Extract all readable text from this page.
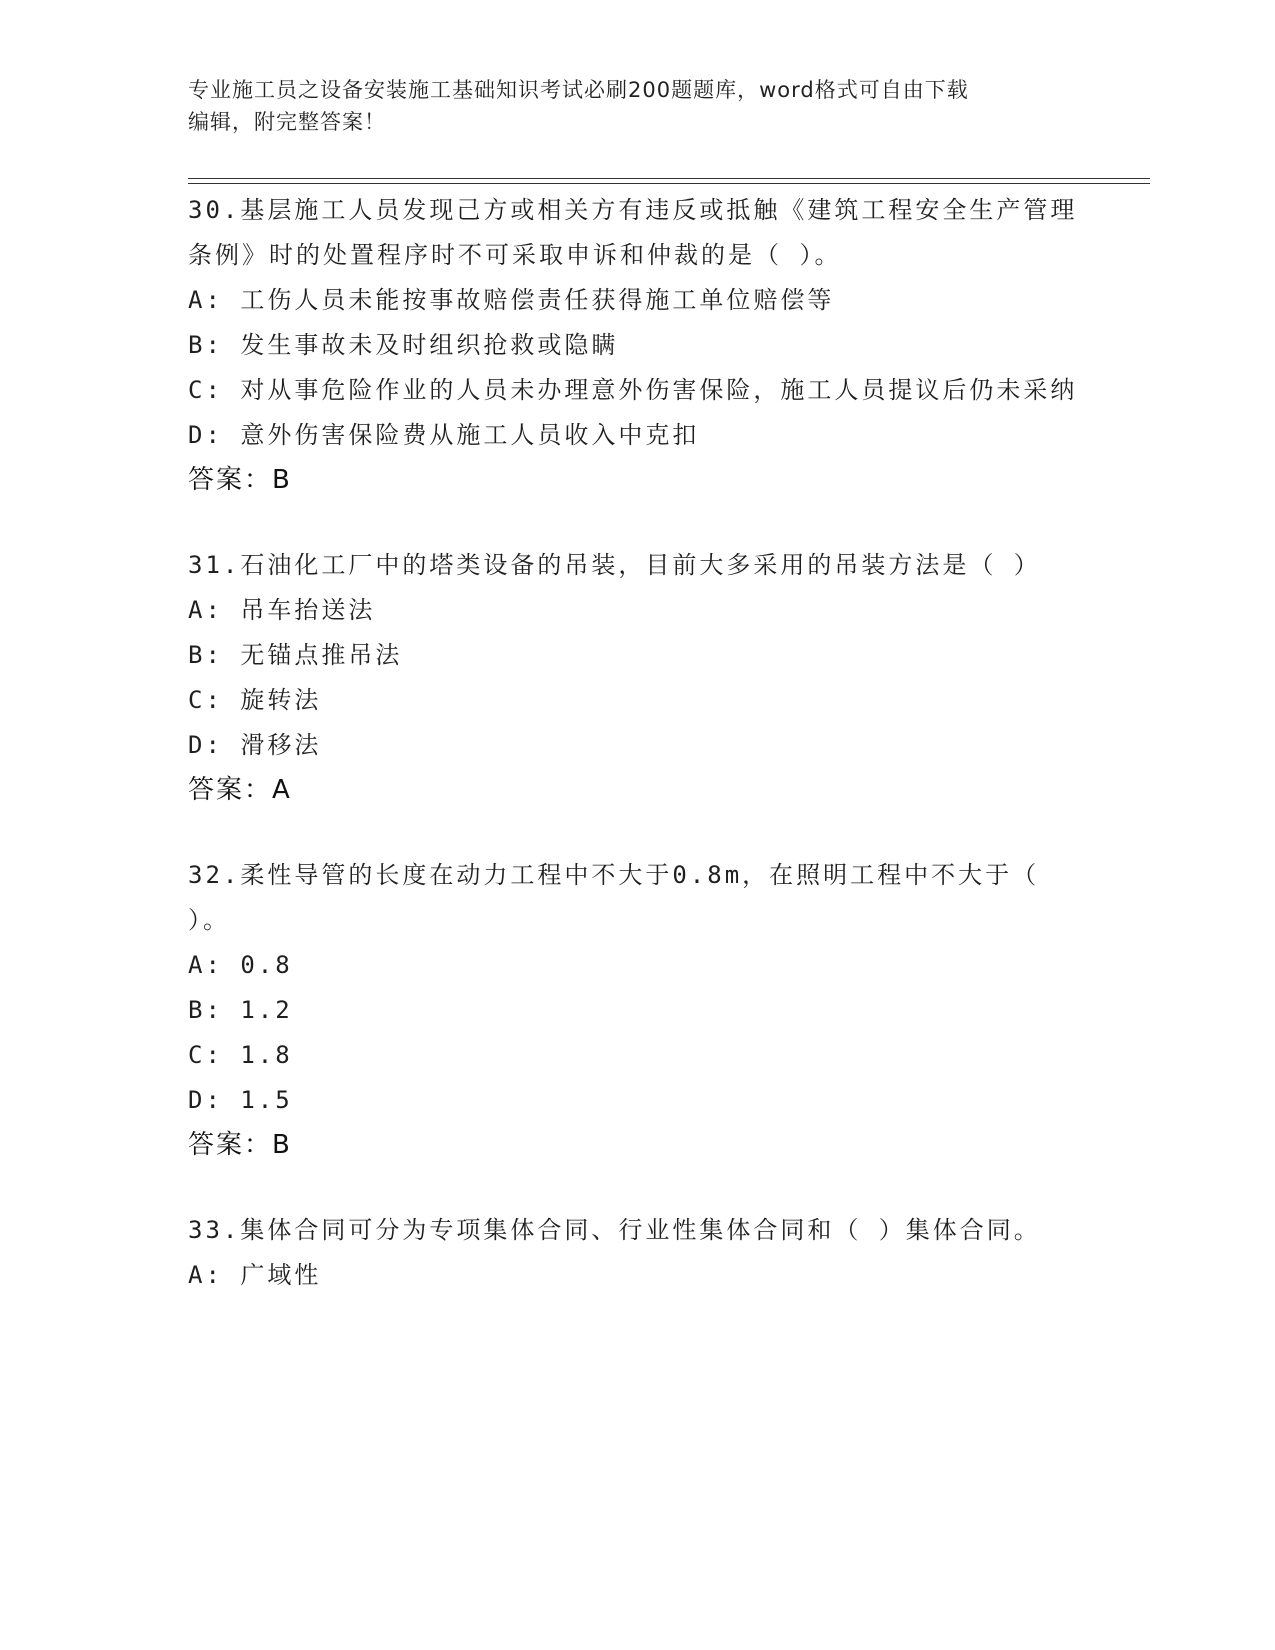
专业施工员之设备安装施工基础知识考试必刷200题题库，word格式可自由下载
编辑，附完整答案！
30.基层施工人员发现己方或相关方有违反或抵触《建筑工程安全生产管理条例》时的处置程序时不可采取申诉和仲裁的是（ ）。
A: 工伤人员未能按事故赔偿责任获得施工单位赔偿等
B: 发生事故未及时组织抢救或隐瞒
C: 对从事危险作业的人员未办理意外伤害保险，施工人员提议后仍未采纳
D: 意外伤害保险费从施工人员收入中克扣
答案：B
31.石油化工厂中的塔类设备的吊装，目前大多采用的吊装方法是（ ）
A: 吊车抬送法
B: 无锚点推吊法
C: 旋转法
D: 滑移法
答案：A
32.柔性导管的长度在动力工程中不大于0.8m，在照明工程中不大于（ ）。
A: 0.8
B: 1.2
C: 1.8
D: 1.5
答案：B
33.集体合同可分为专项集体合同、行业性集体合同和（ ）集体合同。
A: 广域性
